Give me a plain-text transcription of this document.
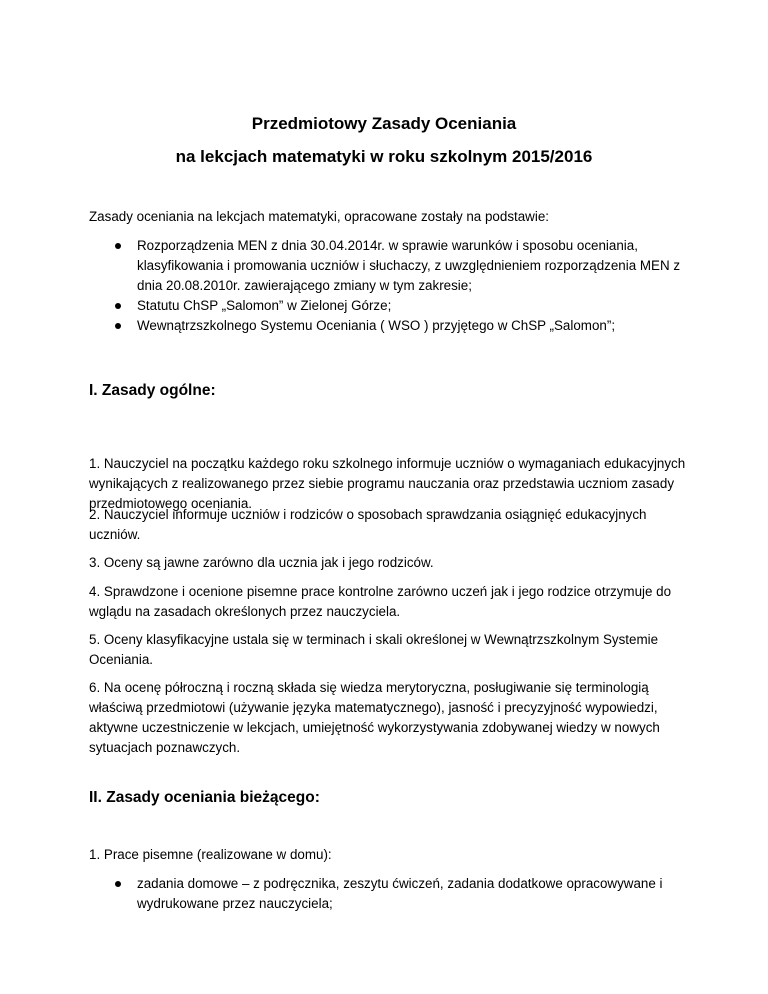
Przedmiotowy Zasady Oceniania
na lekcjach matematyki w roku szkolnym 2015/2016
Zasady oceniania na lekcjach matematyki, opracowane zostały na podstawie:
Rozporządzenia MEN z dnia 30.04.2014r. w sprawie warunków i sposobu oceniania, klasyfikowania i promowania uczniów i słuchaczy, z uwzględnieniem rozporządzenia MEN z dnia 20.08.2010r. zawierającego zmiany w tym zakresie;
Statutu ChSP „Salomon” w Zielonej Górze;
Wewnątrzszkolnego Systemu Oceniania ( WSO ) przyjętego w ChSP „Salomon”;
I. Zasady ogólne:
1. Nauczyciel na początku każdego roku szkolnego informuje uczniów o wymaganiach edukacyjnych wynikających z realizowanego przez siebie programu nauczania oraz przedstawia uczniom zasady przedmiotowego oceniania.
2. Nauczyciel informuje uczniów i rodziców o sposobach sprawdzania osiągnięć edukacyjnych uczniów.
3. Oceny są jawne zarówno dla ucznia jak i jego rodziców.
4. Sprawdzone i ocenione pisemne prace kontrolne zarówno uczeń jak i jego rodzice otrzymuje do wglądu na zasadach określonych przez nauczyciela.
5. Oceny klasyfikacyjne ustala się w terminach i skali określonej w Wewnątrzszkolnym Systemie Oceniania.
6. Na ocenę półroczną i roczną składa się wiedza merytoryczna, posługiwanie się terminologią właściwą przedmiotowi (używanie języka matematycznego), jasność i precyzyjność wypowiedzi, aktywne uczestniczenie w lekcjach, umiejętność wykorzystywania zdobywanej wiedzy w nowych sytuacjach poznawczych.
II. Zasady oceniania bieżącego:
1. Prace pisemne (realizowane w domu):
zadania domowe – z podręcznika, zeszytu ćwiczeń, zadania dodatkowe opracowywane i wydrukowane przez nauczyciela;
